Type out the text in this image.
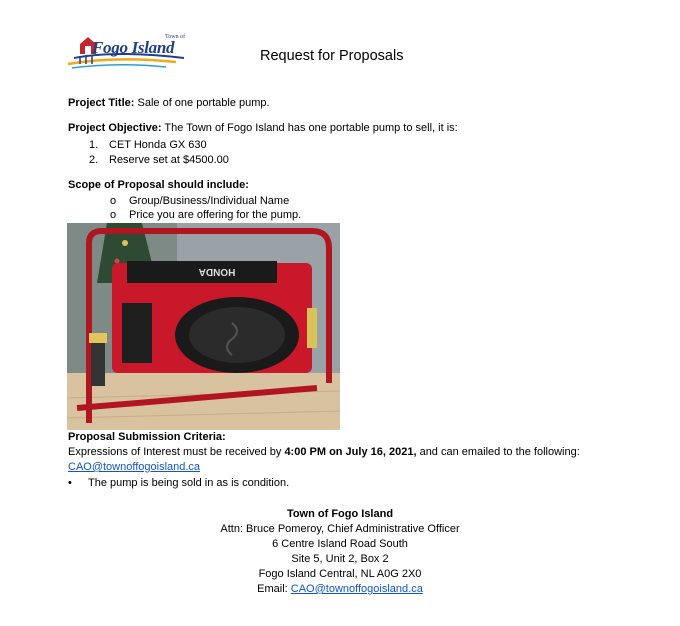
Town of
Fogo Island	Request for Proposals
Project Title: Sale of one portable pump.
Project Objective: The Town of Fogo Island has one portable pump to sell, it is:
1. CET Honda GX 630
2. Reserve set at $4500.00
Scope of Proposal should include:
o Group/Business/Individual Name
o Price you are offering for the pump.
HONDA
Proposal Submission Criteria:
Expressions of Interest must be received by 4:00 PM on July 16, 2021, and can emailed to the following:
CAO@townoffogoisland.ca
• The pump is being sold in as is condition.
Town of Fogo Island
Attn: Bruce Pomeroy, Chief Administrative Officer
6 Centre Island Road South
Site 5, Unit 2, Box 2
Fogo Island Central, NL A0G 2X0
Email: CAO@townoffogoisland.ca
